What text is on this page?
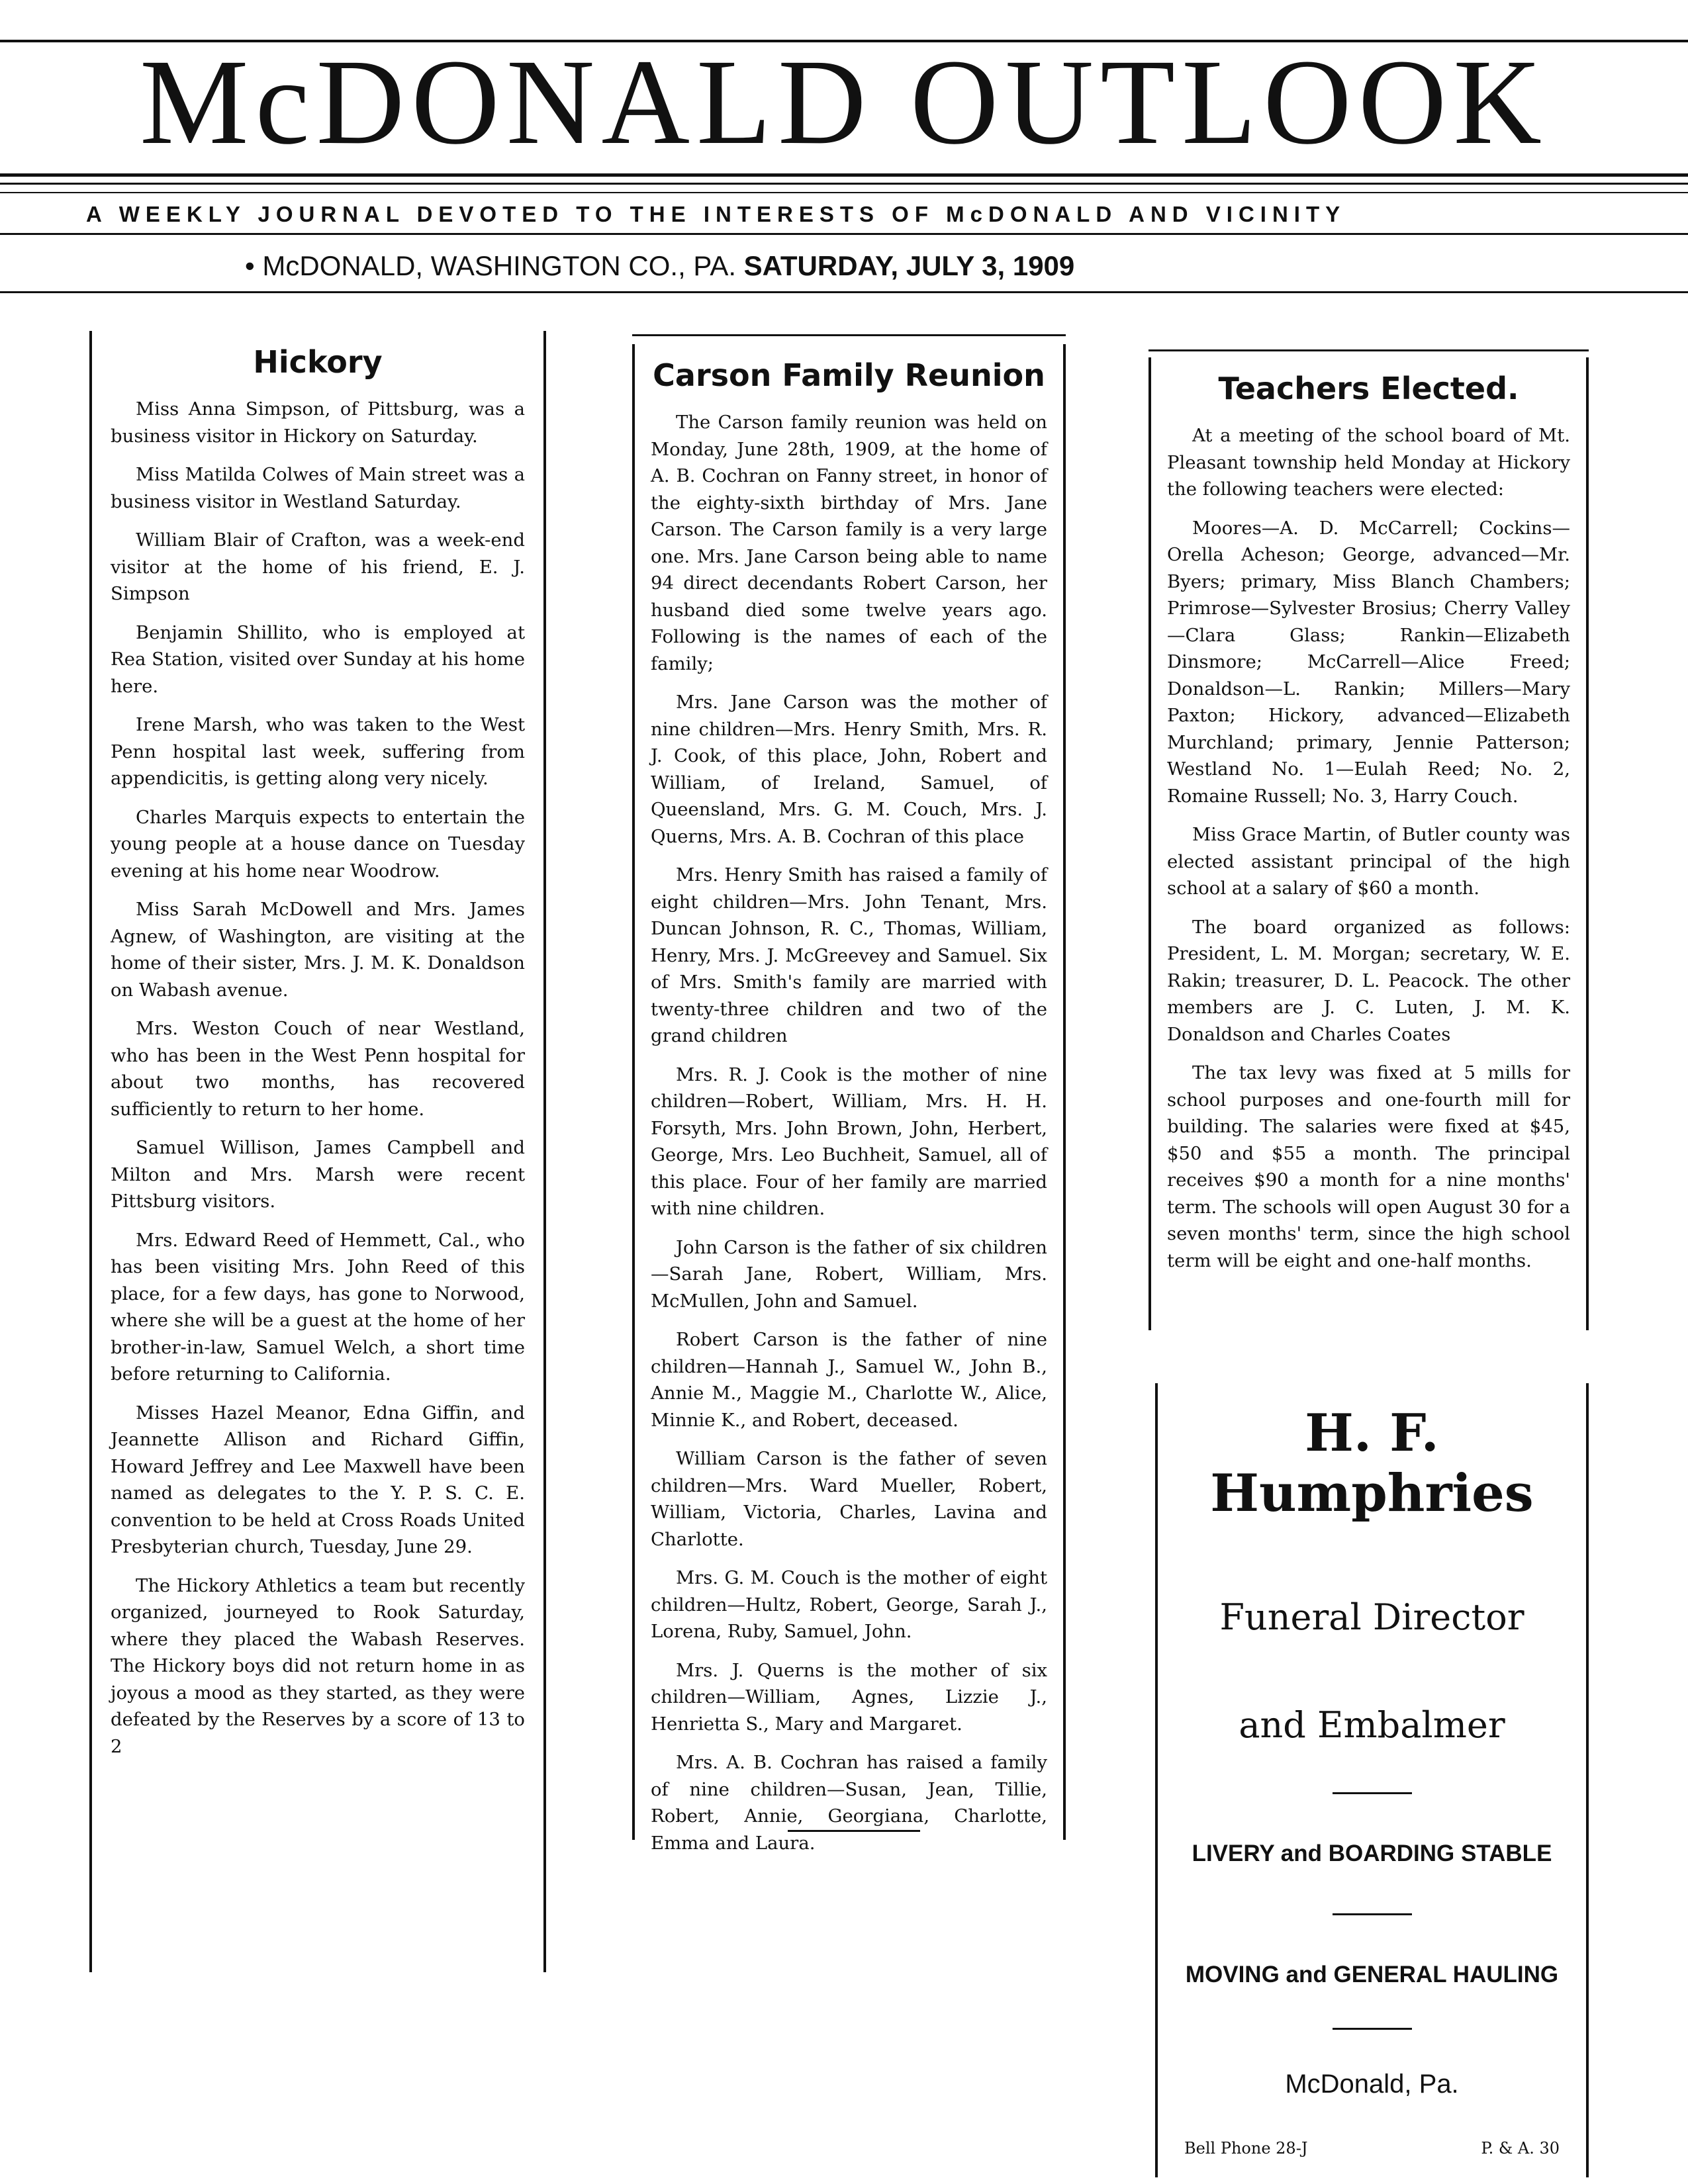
McDONALD OUTLOOK
A WEEKLY JOURNAL DEVOTED TO THE INTERESTS OF McDONALD AND VICINITY
• McDONALD, WASHINGTON CO., PA. SATURDAY, JULY 3, 1909
Hickory

Miss Anna Simpson, of Pittsburg, was a business visitor in Hickory on Saturday.

Miss Matilda Colwes of Main street was a business visitor in Westland Saturday.

William Blair of Crafton, was a week-end visitor at the home of his friend, E. J. Simpson

Benjamin Shillito, who is employed at Rea Station, visited over Sunday at his home here.

Irene Marsh, who was taken to the West Penn hospital last week, suffering from appendicitis, is getting along very nicely.

Charles Marquis expects to entertain the young people at a house dance on Tuesday evening at his home near Woodrow.

Miss Sarah McDowell and Mrs. James Agnew, of Washington, are visiting at the home of their sister, Mrs. J. M. K. Donaldson on Wabash avenue.

Mrs. Weston Couch of near Westland, who has been in the West Penn hospital for about two months, has recovered sufficiently to return to her home.

Samuel Willison, James Campbell and Milton and Mrs. Marsh were recent Pittsburg visitors.

Mrs. Edward Reed of Hemmett, Cal., who has been visiting Mrs. John Reed of this place, for a few days, has gone to Norwood, where she will be a guest at the home of her brother-in-law, Samuel Welch, a short time before returning to California.

Misses Hazel Meanor, Edna Giffin, and Jeannette Allison and Richard Giffin, Howard Jeffrey and Lee Maxwell have been named as delegates to the Y. P. S. C. E. convention to be held at Cross Roads United Presbyterian church, Tuesday, June 29.

The Hickory Athletics a team but recently organized, journeyed to Rook Saturday, where they placed the Wabash Reserves. The Hickory boys did not return home in as joyous a mood as they started, as they were defeated by the Reserves by a score of 13 to 2

Carson Family Reunion

The Carson family reunion was held on Monday, June 28th, 1909, at the home of A. B. Cochran on Fanny street, in honor of the eighty-sixth birthday of Mrs. Jane Carson. The Carson family is a very large one. Mrs. Jane Carson being able to name 94 direct decendants Robert Carson, her husband died some twelve years ago. Following is the names of each of the family;

Mrs. Jane Carson was the mother of nine children—Mrs. Henry Smith, Mrs. R. J. Cook, of this place, John, Robert and William, of Ireland, Samuel, of Queensland, Mrs. G. M. Couch, Mrs. J. Querns, Mrs. A. B. Cochran of this place

Mrs. Henry Smith has raised a family of eight children—Mrs. John Tenant, Mrs. Duncan Johnson, R. C., Thomas, William, Henry, Mrs. J. McGreevey and Samuel. Six of Mrs. Smith's family are married with twenty-three children and two of the grand children

Mrs. R. J. Cook is the mother of nine children—Robert, William, Mrs. H. H. Forsyth, Mrs. John Brown, John, Herbert, George, Mrs. Leo Buchheit, Samuel, all of this place. Four of her family are married with nine children.

John Carson is the father of six children—Sarah Jane, Robert, William, Mrs. McMullen, John and Samuel.

Robert Carson is the father of nine children—Hannah J., Samuel W., John B., Annie M., Maggie M., Charlotte W., Alice, Minnie K., and Robert, deceased.

William Carson is the father of seven children—Mrs. Ward Mueller, Robert, William, Victoria, Charles, Lavina and Charlotte.

Mrs. G. M. Couch is the mother of eight children—Hultz, Robert, George, Sarah J., Lorena, Ruby, Samuel, John.

Mrs. J. Querns is the mother of six children—William, Agnes, Lizzie J., Henrietta S., Mary and Margaret.

Mrs. A. B. Cochran has raised a family of nine children—Susan, Jean, Tillie, Robert, Annie, Georgiana, Charlotte, Emma and Laura.

Teachers Elected.

At a meeting of the school board of Mt. Pleasant township held Monday at Hickory the following teachers were elected:

Moores—A. D. McCarrell; Cockins—Orella Acheson; George, advanced—Mr. Byers; primary, Miss Blanch Chambers; Primrose—Sylvester Brosius; Cherry Valley—Clara Glass; Rankin—Elizabeth Dinsmore; McCarrell—Alice Freed; Donaldson—L. Rankin; Millers—Mary Paxton; Hickory, advanced—Elizabeth Murchland; primary, Jennie Patterson; Westland No. 1—Eulah Reed; No. 2, Romaine Russell; No. 3, Harry Couch.

Miss Grace Martin, of Butler county was elected assistant principal of the high school at a salary of $60 a month.

The board organized as follows: President, L. M. Morgan; secretary, W. E. Rakin; treasurer, D. L. Peacock. The other members are J. C. Luten, J. M. K. Donaldson and Charles Coates

The tax levy was fixed at 5 mills for school purposes and one-fourth mill for building. The salaries were fixed at $45, $50 and $55 a month. The principal receives $90 a month for a nine months' term. The schools will open August 30 for a seven months' term, since the high school term will be eight and one-half months.

H. F. Humphries
Funeral Director
and Embalmer
LIVERY and BOARDING STABLE
MOVING and GENERAL HAULING
McDonald, Pa.
Bell Phone 28-J	P. & A. 30
